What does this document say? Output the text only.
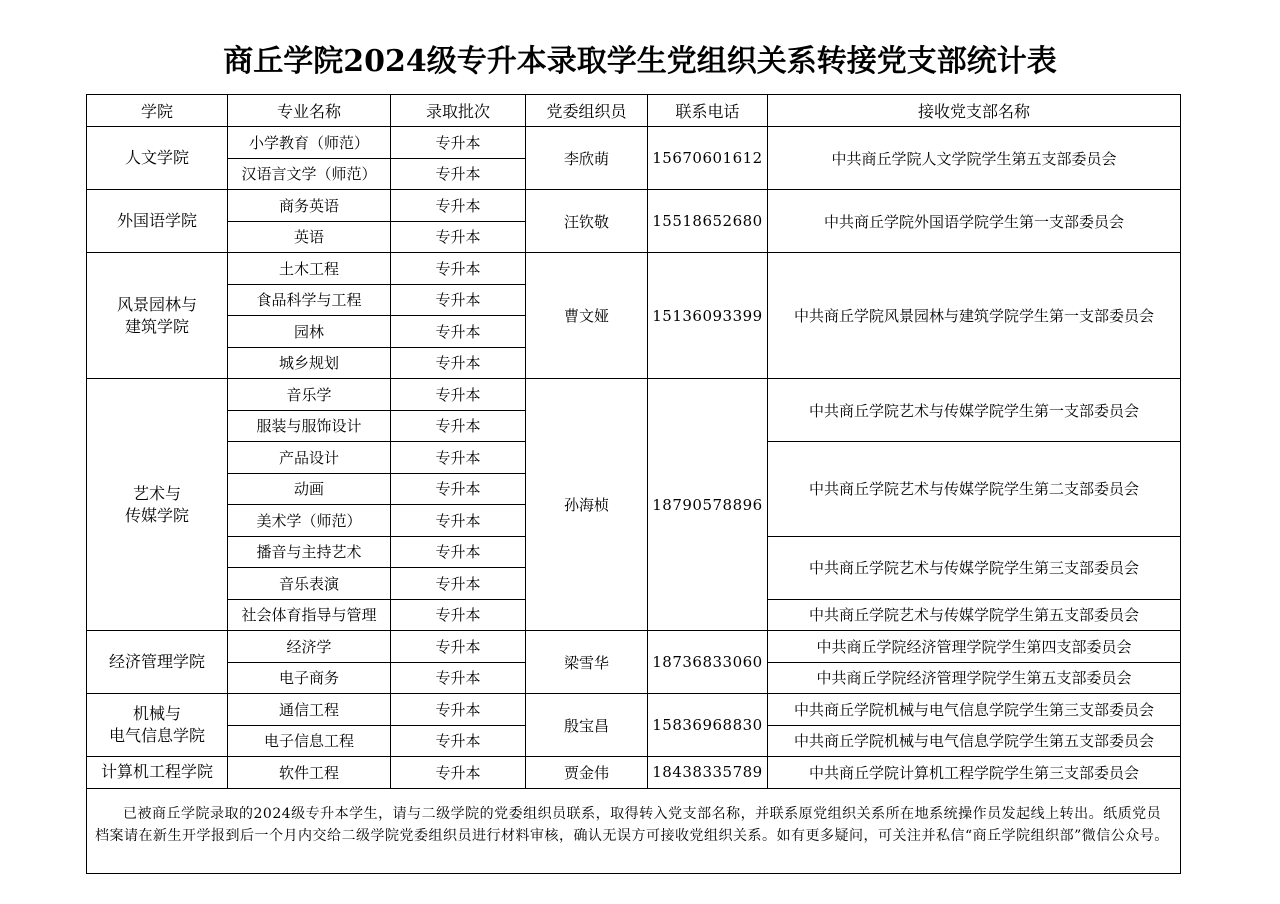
商丘学院2024级专升本录取学生党组织关系转接党支部统计表
学院	专业名称	录取批次	党委组织员	联系电话	接收党支部名称
人文学院	小学教育（师范）	专升本	李欣萌	15670601612	中共商丘学院人文学院学生第五支部委员会
	汉语言文学（师范）	专升本			
外国语学院	商务英语	专升本	汪钦敬	15518652680	中共商丘学院外国语学院学生第一支部委员会
	英语	专升本			
风景园林与
建筑学院	土木工程	专升本	曹文娅	15136093399	中共商丘学院风景园林与建筑学院学生第一支部委员会
	食品科学与工程	专升本			
	园林	专升本			
	城乡规划	专升本			
艺术与
传媒学院	音乐学	专升本	孙海桢	18790578896	中共商丘学院艺术与传媒学院学生第一支部委员会
	服装与服饰设计	专升本			
	产品设计	专升本			中共商丘学院艺术与传媒学院学生第二支部委员会
	动画	专升本			
	美术学（师范）	专升本			
	播音与主持艺术	专升本			中共商丘学院艺术与传媒学院学生第三支部委员会
	音乐表演	专升本			
	社会体育指导与管理	专升本			中共商丘学院艺术与传媒学院学生第五支部委员会
经济管理学院	经济学	专升本	梁雪华	18736833060	中共商丘学院经济管理学院学生第四支部委员会
	电子商务	专升本			中共商丘学院经济管理学院学生第五支部委员会
机械与
电气信息学院	通信工程	专升本	殷宝昌	15836968830	中共商丘学院机械与电气信息学院学生第三支部委员会
	电子信息工程	专升本			中共商丘学院机械与电气信息学院学生第五支部委员会
计算机工程学院	软件工程	专升本	贾金伟	18438335789	中共商丘学院计算机工程学院学生第三支部委员会
已被商丘学院录取的2024级专升本学生，请与二级学院的党委组织员联系，取得转入党支部名称，并联系原党组织关系所在地系统操作员发起线上转出。纸质党员档案请在新生开学报到后一个月内交给二级学院党委组织员进行材料审核，确认无误方可接收党组织关系。如有更多疑问，可关注并私信“商丘学院组织部”微信公众号。					
